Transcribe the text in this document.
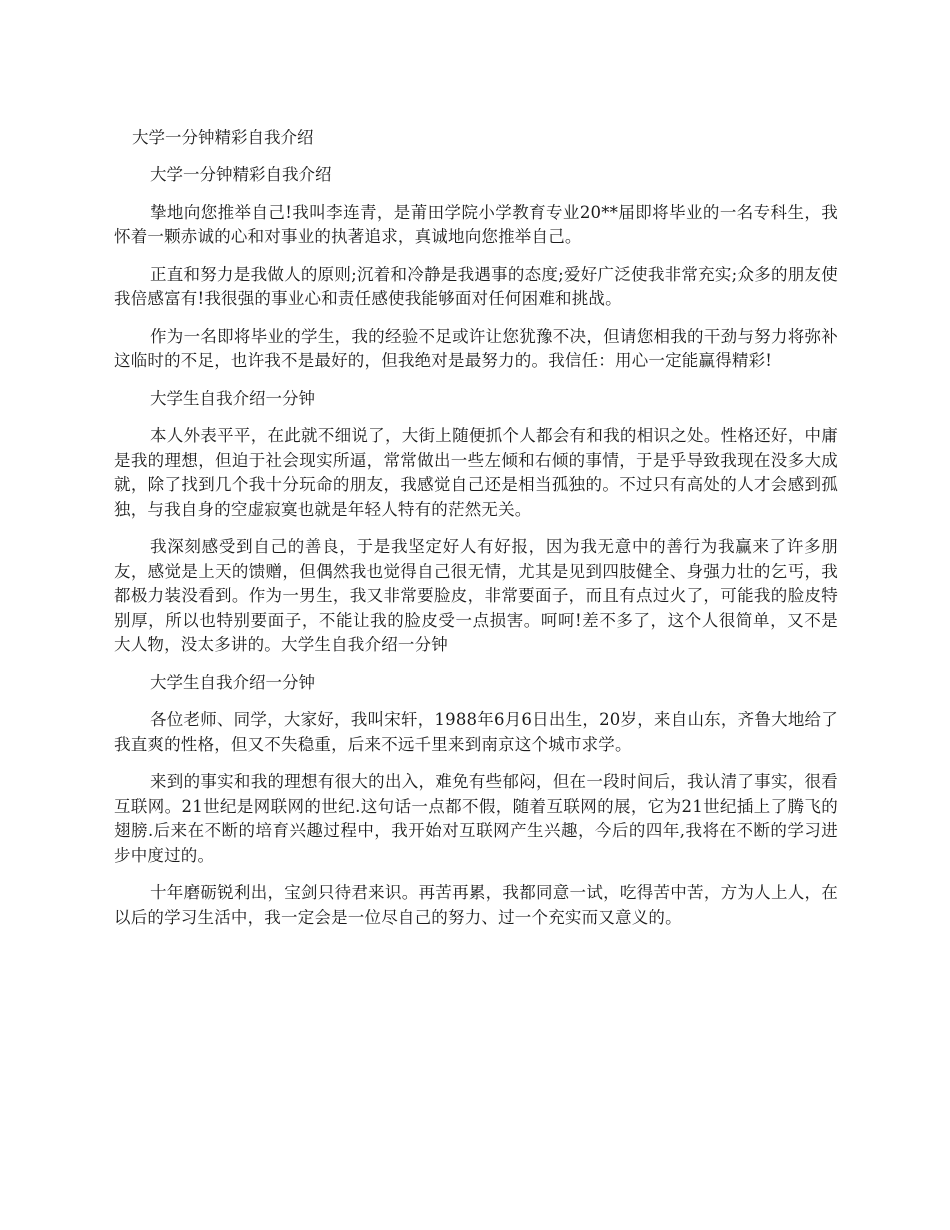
大学一分钟精彩自我介绍
大学一分钟精彩自我介绍
挚地向您推举自己!我叫李连青，是莆田学院小学教育专业20**届即将毕业的一名专科生，我怀着一颗赤诚的心和对事业的执著追求，真诚地向您推举自己。
正直和努力是我做人的原则;沉着和冷静是我遇事的态度;爱好广泛使我非常充实;众多的朋友使我倍感富有!我很强的事业心和责任感使我能够面对任何困难和挑战。
作为一名即将毕业的学生，我的经验不足或许让您犹豫不决，但请您相我的干劲与努力将弥补这临时的不足，也许我不是最好的，但我绝对是最努力的。我信任：用心一定能赢得精彩!
大学生自我介绍一分钟
本人外表平平，在此就不细说了，大街上随便抓个人都会有和我的相识之处。性格还好，中庸是我的理想，但迫于社会现实所逼，常常做出一些左倾和右倾的事情，于是乎导致我现在没多大成就，除了找到几个我十分玩命的朋友，我感觉自己还是相当孤独的。不过只有高处的人才会感到孤独，与我自身的空虚寂寞也就是年轻人特有的茫然无关。
我深刻感受到自己的善良，于是我坚定好人有好报，因为我无意中的善行为我赢来了许多朋友，感觉是上天的馈赠，但偶然我也觉得自己很无情，尤其是见到四肢健全、身强力壮的乞丐，我都极力装没看到。作为一男生，我又非常要脸皮，非常要面子，而且有点过火了，可能我的脸皮特别厚，所以也特别要面子，不能让我的脸皮受一点损害。呵呵!差不多了，这个人很简单，又不是大人物，没太多讲的。大学生自我介绍一分钟
大学生自我介绍一分钟
各位老师、同学，大家好，我叫宋轩，1988年6月6日出生，20岁，来自山东，齐鲁大地给了我直爽的性格，但又不失稳重，后来不远千里来到南京这个城市求学。
来到的事实和我的理想有很大的出入，难免有些郁闷，但在一段时间后，我认清了事实，很看互联网。21世纪是网联网的世纪.这句话一点都不假，随着互联网的展，它为21世纪插上了腾飞的翅膀.后来在不断的培育兴趣过程中，我开始对互联网产生兴趣，今后的四年,我将在不断的学习进步中度过的。
十年磨砺锐利出，宝剑只待君来识。再苦再累，我都同意一试，吃得苦中苦，方为人上人，在以后的学习生活中，我一定会是一位尽自己的努力、过一个充实而又意义的。
